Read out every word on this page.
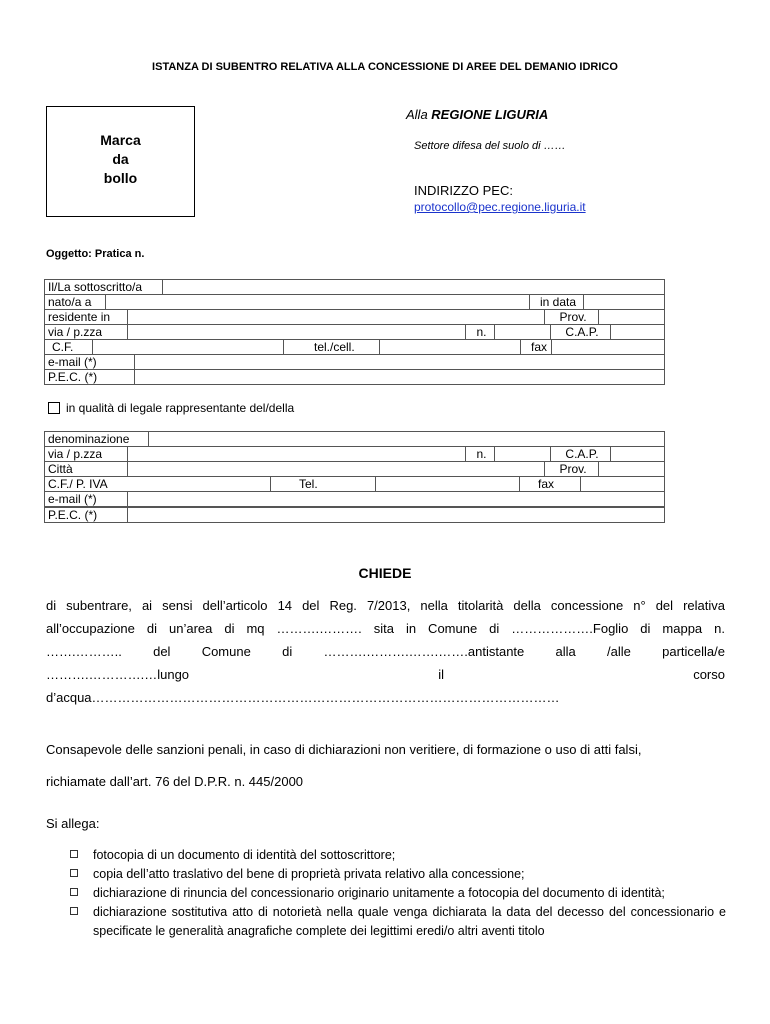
ISTANZA DI SUBENTRO RELATIVA ALLA CONCESSIONE DI AREE DEL DEMANIO IDRICO
Marca
da
bollo
Alla REGIONE LIGURIA
Settore difesa del suolo di ……
INDIRIZZO PEC:
protocollo@pec.regione.liguria.it
Oggetto: Pratica n.
Il/La sottoscritto/a	
nato/a a		in data	
residente in		Prov.	
via / p.zza		n.		C.A.P.	
C.F.		tel./cell.		fax	
e-mail (*)	
P.E.C. (*)	
in qualità di legale rappresentante del/della
denominazione	
via / p.zza		n.		C.A.P.	
Città		Prov.	
C.F./ P. IVA	Tel.		fax	
e-mail (*)	
P.E.C. (*)	
CHIEDE
di subentrare, ai sensi dell’articolo 14 del Reg. 7/2013, nella titolarità della concessione n° del relativa
all’occupazione di un’area di mq ……….………. sita in Comune di ……………….Foglio di mappa n.
…….……….. del Comune di ……….……….…….…….antistante alla /alle particella/e
……….………….…lungo il corso
d’acqua………………………………………………………………………………………………
Consapevole delle sanzioni penali, in caso di dichiarazioni non veritiere, di formazione o uso di atti falsi,
richiamate dall’art. 76 del D.P.R. n. 445/2000
Si allega:
fotocopia di un documento di identità del sottoscrittore;
copia dell’atto traslativo del bene di proprietà privata relativo alla concessione;
dichiarazione di rinuncia del concessionario originario unitamente a fotocopia del documento di identità;
dichiarazione sostitutiva atto di notorietà nella quale venga dichiarata la data del decesso del concessionario e specificate le generalità anagrafiche complete dei legittimi eredi/o altri aventi titolo
